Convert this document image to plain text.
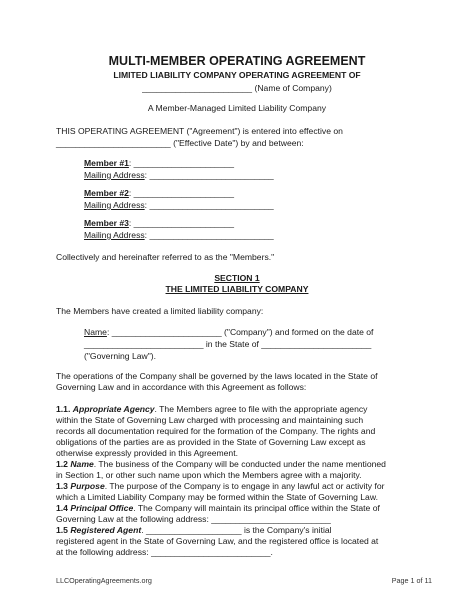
MULTI-MEMBER OPERATING AGREEMENT
LIMITED LIABILITY COMPANY OPERATING AGREEMENT OF
_______________________ (Name of Company)
A Member-Managed Limited Liability Company
THIS OPERATING AGREEMENT ("Agreement") is entered into effective on
________________________ ("Effective Date") by and between:
Member #1: _____________________
Mailing Address: __________________________
Member #2: _____________________
Mailing Address: __________________________
Member #3: _____________________
Mailing Address: __________________________
Collectively and hereinafter referred to as the "Members."
SECTION 1
THE LIMITED LIABILITY COMPANY
The Members have created a limited liability company:
Name: _______________________ ("Company") and formed on the date of
_________________________ in the State of _______________________
("Governing Law").
The operations of the Company shall be governed by the laws located in the State of
Governing Law and in accordance with this Agreement as follows:
1.1. Appropriate Agency. The Members agree to file with the appropriate agency
within the State of Governing Law charged with processing and maintaining such
records all documentation required for the formation of the Company. The rights and
obligations of the parties are as provided in the State of Governing Law except as
otherwise expressly provided in this Agreement.
1.2 Name. The business of the Company will be conducted under the name mentioned
in Section 1, or other such name upon which the Members agree with a majority.
1.3 Purpose. The purpose of the Company is to engage in any lawful act or activity for
which a Limited Liability Company may be formed within the State of Governing Law.
1.4 Principal Office. The Company will maintain its principal office within the State of
Governing Law at the following address: _________________________
1.5 Registered Agent. ____________________ is the Company's initial
registered agent in the State of Governing Law, and the registered office is located at
at the following address: _________________________.
LLCOperatingAgreements.org	Page 1 of 11
